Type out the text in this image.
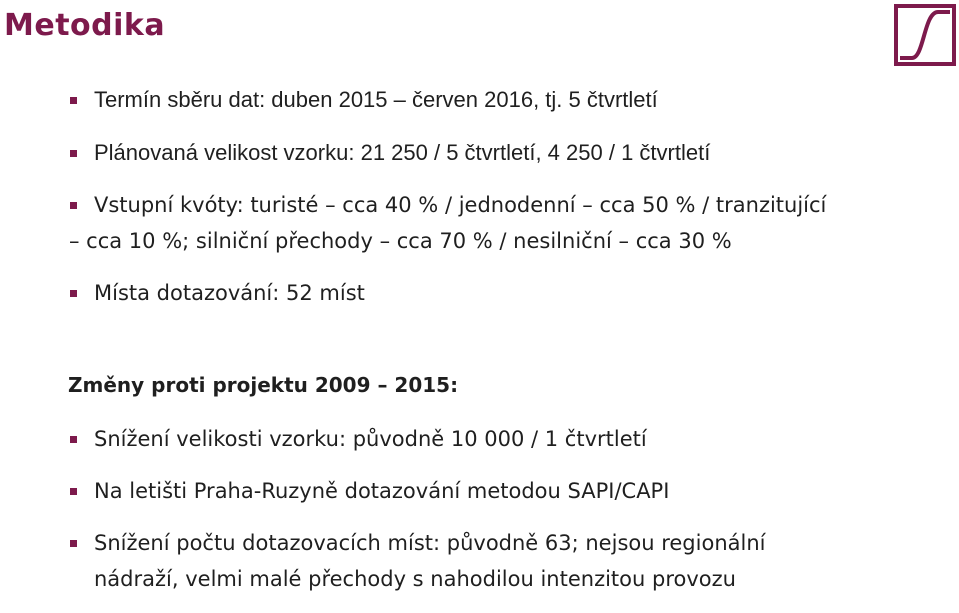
Metodika
Termín sběru dat: duben 2015 – červen 2016, tj. 5 čtvrtletí
Plánovaná velikost vzorku: 21 250 / 5 čtvrtletí, 4 250 / 1 čtvrtletí
Vstupní kvóty: turisté – cca 40 % / jednodenní – cca 50 % / tranzitující
– cca 10 %; silniční přechody – cca 70 % / nesilniční – cca 30 %
Místa dotazování: 52 míst
Změny proti projektu 2009 – 2015:
Snížení velikosti vzorku: původně 10 000 / 1 čtvrtletí
Na letišti Praha-Ruzyně dotazování metodou SAPI/CAPI
Snížení počtu dotazovacích míst: původně 63; nejsou regionální
nádraží, velmi malé přechody s nahodilou intenzitou provozu
